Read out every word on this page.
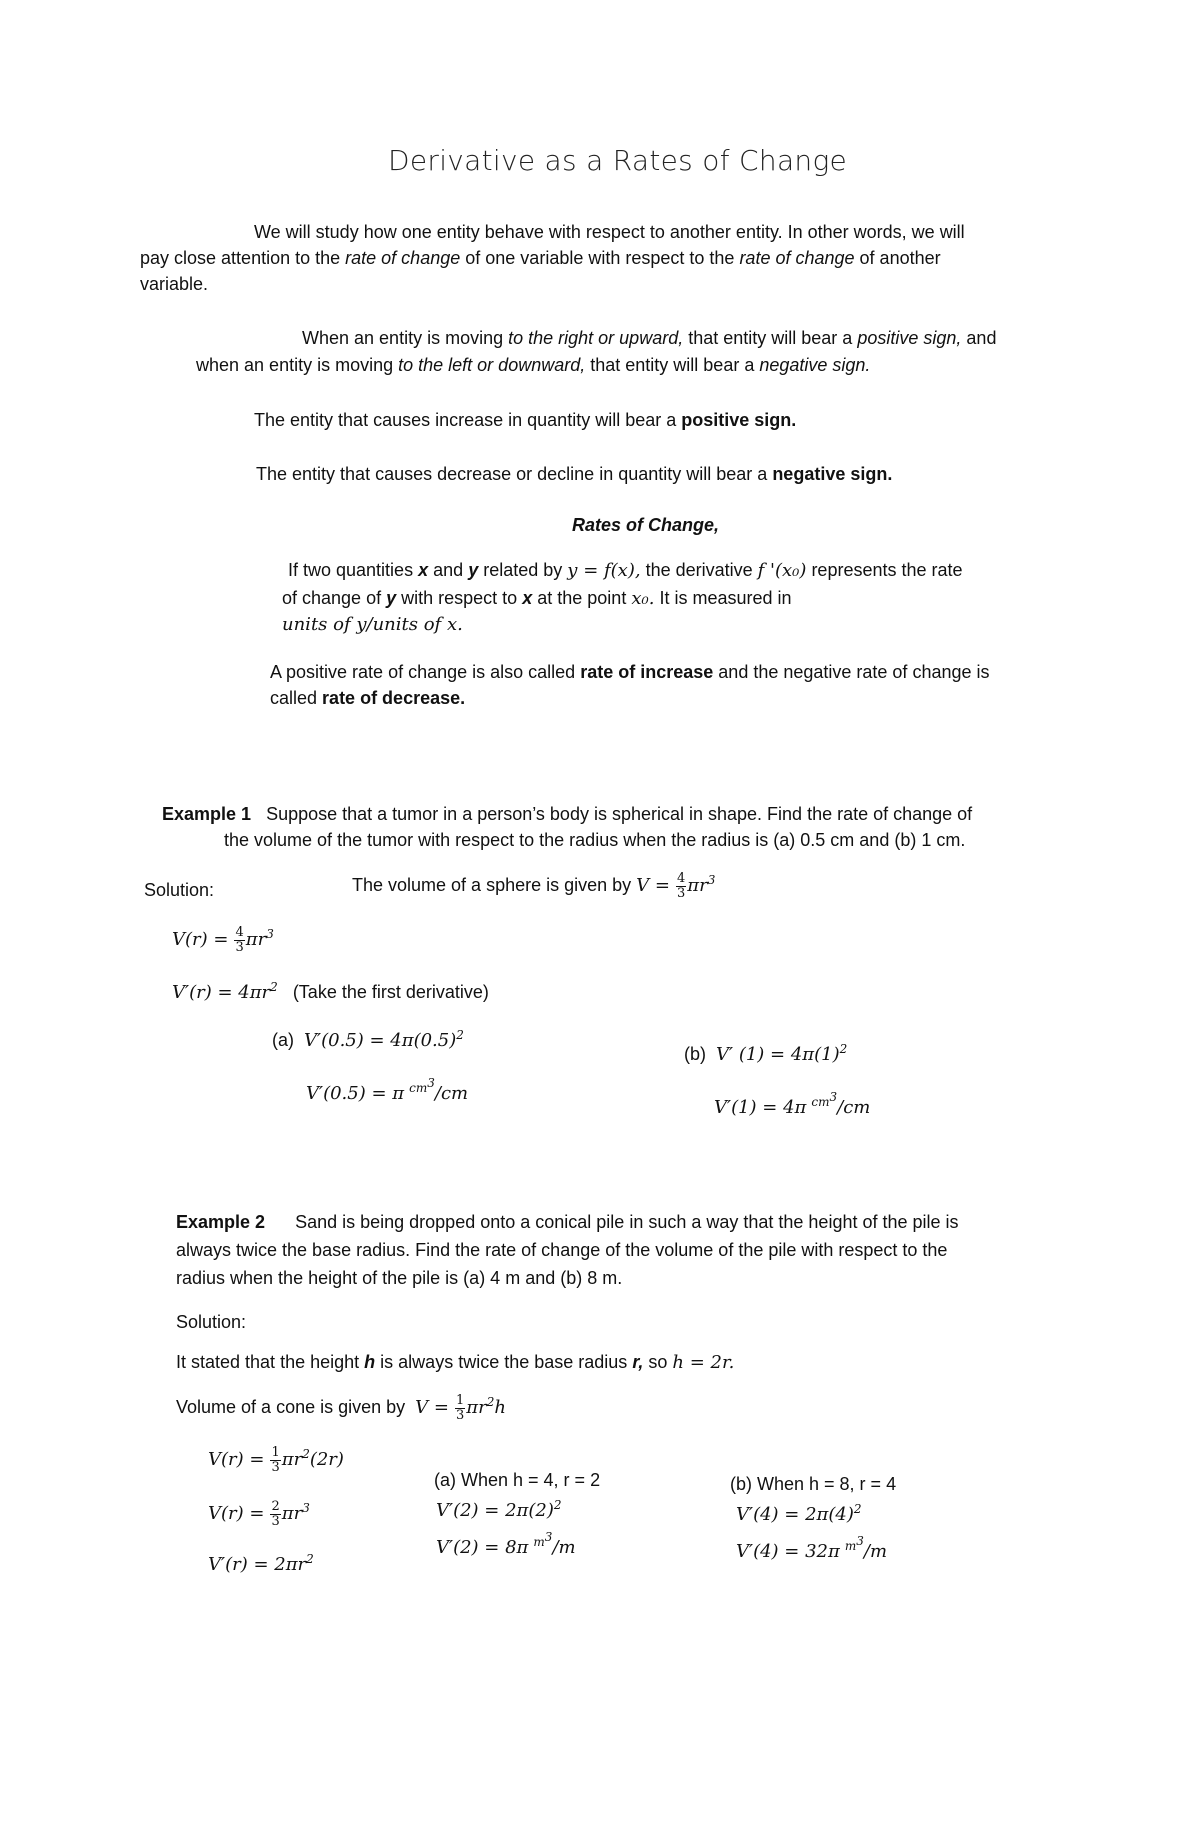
Derivative as a Rates of Change
We will study how one entity behave with respect to another entity. In other words, we will
pay close attention to the rate of change of one variable with respect to the rate of change of another
variable.
When an entity is moving to the right or upward, that entity will bear a positive sign, and
when an entity is moving to the left or downward, that entity will bear a negative sign.
The entity that causes increase in quantity will bear a positive sign.
The entity that causes decrease or decline in quantity will bear a negative sign.
Rates of Change,
If two quantities x and y related by y = f(x), the derivative f '(x₀) represents the rate
of change of y with respect to x at the point x₀. It is measured in
units of y/units of x.
A positive rate of change is also called rate of increase and the negative rate of change is
called rate of decrease.
Example 1 Suppose that a tumor in a person’s body is spherical in shape. Find the rate of change of
the volume of the tumor with respect to the radius when the radius is (a) 0.5 cm and (b) 1 cm.
Solution:	The volume of a sphere is given by $V = \frac{4}{3} \pi r^3$
$V(r) = \frac{4}{3} \pi r^3$
$V'(r) = 4\pi r^2$ (Take the first derivative)
(a) $V'(0.5) = 4\pi(0.5)^2$
V′(0.5) = π $^{cm^3}$/cm
(b) V′ $(1) = 4\pi(1)^2$
V′(1) = 4π $^{cm^3}$/cm
Example 2 Sand is being dropped onto a conical pile in such a way that the height of the pile is
always twice the base radius. Find the rate of change of the volume of the pile with respect to the
radius when the height of the pile is (a) 4 m and (b) 8 m.
Solution:
It stated that the height h is always twice the base radius r, so h = 2r.
Volume of a cone is given by $V = \frac{1}{3} \pi r^2h$
$V(r) = \frac{1}{3} \pi r^2(2r)$
$V(r) = \frac{2}{3} \pi r^3$
$V'(r) = 2\pi r^2$
(a) When h = 4, r = 2
$V'(2) = 2\pi(2)^2$
V′(2) = 8π $^{m^3}$/m
(b) When h = 8, r = 4
$V'(4) = 2\pi(4)^2$
V′(4) = 32π $^{m^3}$/m
